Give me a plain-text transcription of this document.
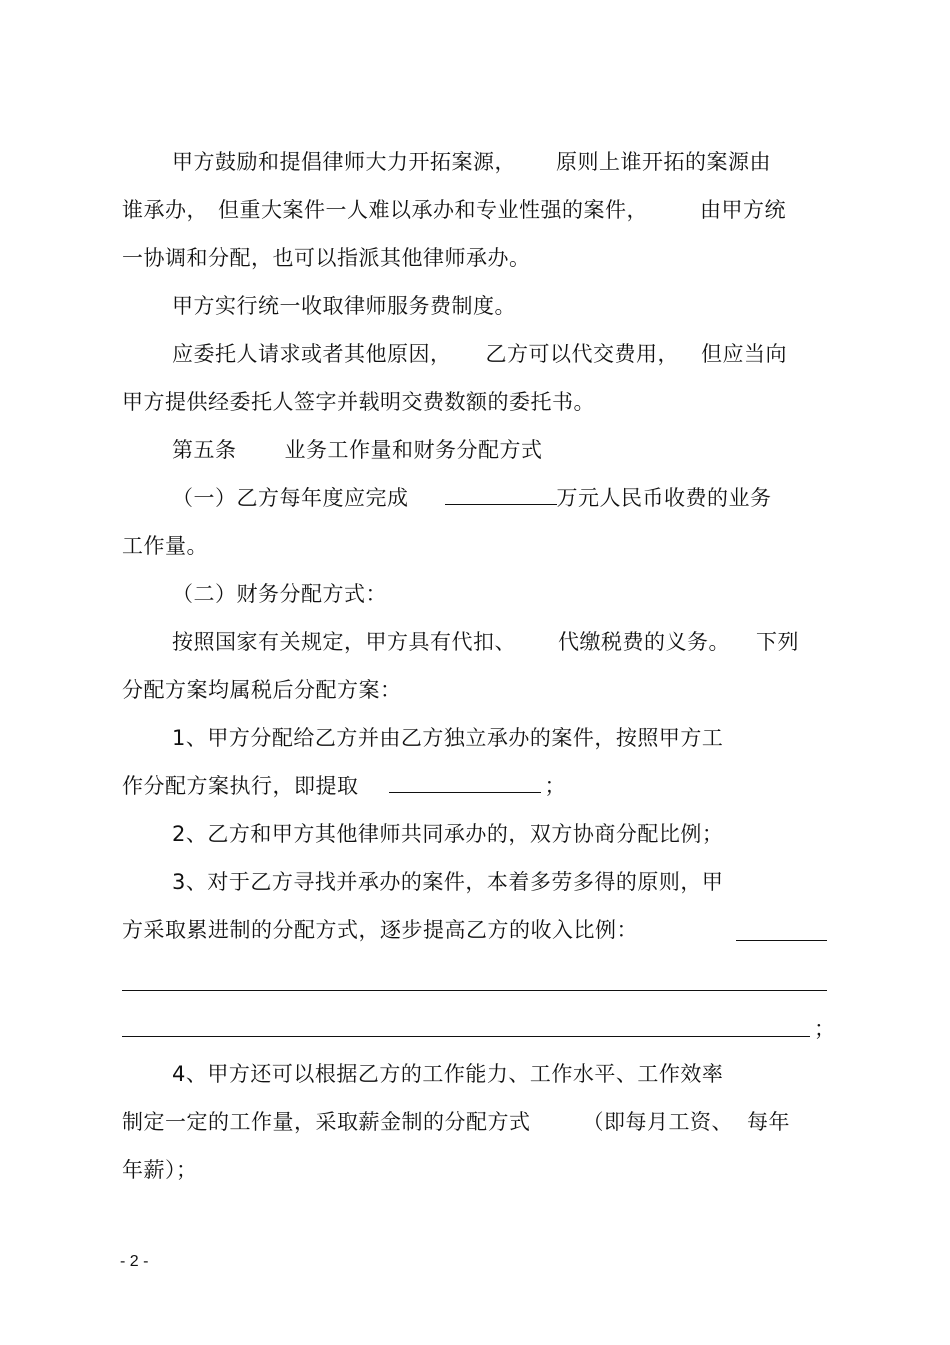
甲方鼓励和提倡律师大力开拓案源， 原则上谁开拓的案源由
谁承办， 但重大案件一人难以承办和专业性强的案件， 由甲方统
一协调和分配，也可以指派其他律师承办。
甲方实行统一收取律师服务费制度。
应委托人请求或者其他原因， 乙方可以代交费用， 但应当向
甲方提供经委托人签字并载明交费数额的委托书。
第五条 业务工作量和财务分配方式
（一）乙方每年度应完成	万元人民币收费的业务
工作量。
（二）财务分配方式：
按照国家有关规定，甲方具有代扣、 代缴税费的义务。 下列
分配方案均属税后分配方案：
1、甲方分配给乙方并由乙方独立承办的案件，按照甲方工
作分配方案执行，即提取	；
2、乙方和甲方其他律师共同承办的，双方协商分配比例；
3、对于乙方寻找并承办的案件，本着多劳多得的原则，甲
方采取累进制的分配方式，逐步提高乙方的收入比例：
；
4、甲方还可以根据乙方的工作能力、工作水平、工作效率
制定一定的工作量，采取薪金制的分配方式 （即每月工资、 每年
年薪）；
- 2 -
